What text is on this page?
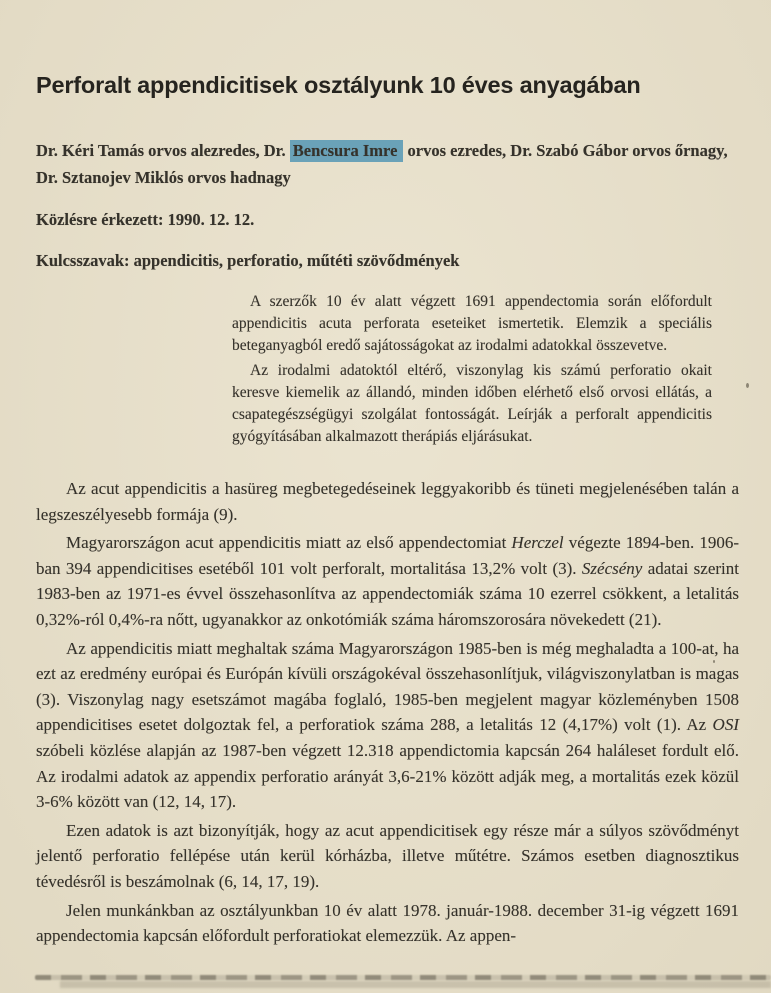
Perforalt appendicitisek osztályunk 10 éves anyagában

Dr. Kéri Tamás orvos alezredes, Dr. Bencsura Imre orvos ezredes, Dr. Szabó Gábor orvos őrnagy,
Dr. Sztanojev Miklós orvos hadnagy

Közlésre érkezett: 1990. 12. 12.

Kulcsszavak: appendicitis, perforatio, műtéti szövődmények

A szerzők 10 év alatt végzett 1691 appendectomia során előfordult appendicitis acuta perforata eseteiket ismertetik. Elemzik a speciális beteganyagból eredő sajátosságokat az irodalmi adatokkal összevetve.

Az irodalmi adatoktól eltérő, viszonylag kis számú perforatio okait keresve kiemelik az állandó, minden időben elérhető első orvosi ellátás, a csapategészségügyi szolgálat fontosságát. Leírják a perforalt appendicitis gyógyításában alkalmazott therápiás eljárásukat.

Az acut appendicitis a hasüreg megbetegedéseinek leggyakoribb és tüneti megjelenésében talán a legszeszélyesebb formája (9).

Magyarországon acut appendicitis miatt az első appendectomiat Herczel végezte 1894-ben. 1906-ban 394 appendicitises esetéből 101 volt perforalt, mortalitása 13,2% volt (3). Szécsény adatai szerint 1983-ben az 1971-es évvel összehasonlítva az appendectomiák száma 10 ezerrel csökkent, a letalitás 0,32%-ról 0,4%-ra nőtt, ugyanakkor az onkotómiák száma háromszorosára növekedett (21).

Az appendicitis miatt meghaltak száma Magyarországon 1985-ben is még meghaladta a 100-at, ha ezt az eredmény európai és Európán kívüli országokéval összehasonlítjuk, világviszonylatban is magas (3). Viszonylag nagy esetszámot magába foglaló, 1985-ben megjelent magyar közleményben 1508 appendicitises esetet dolgoztak fel, a perforatiok száma 288, a letalitás 12 (4,17%) volt (1). Az OSI szóbeli közlése alapján az 1987-ben végzett 12.318 appendictomia kapcsán 264 haláleset fordult elő. Az irodalmi adatok az appendix perforatio arányát 3,6-21% között adják meg, a mortalitás ezek közül 3-6% között van (12, 14, 17).

Ezen adatok is azt bizonyítják, hogy az acut appendicitisek egy része már a súlyos szövődményt jelentő perforatio fellépése után kerül kórházba, illetve műtétre. Számos esetben diagnosztikus tévedésről is beszámolnak (6, 14, 17, 19).

Jelen munkánkban az osztályunkban 10 év alatt 1978. január-1988. december 31-ig végzett 1691 appendectomia kapcsán előfordult perforatiokat elemezzük. Az appen-
